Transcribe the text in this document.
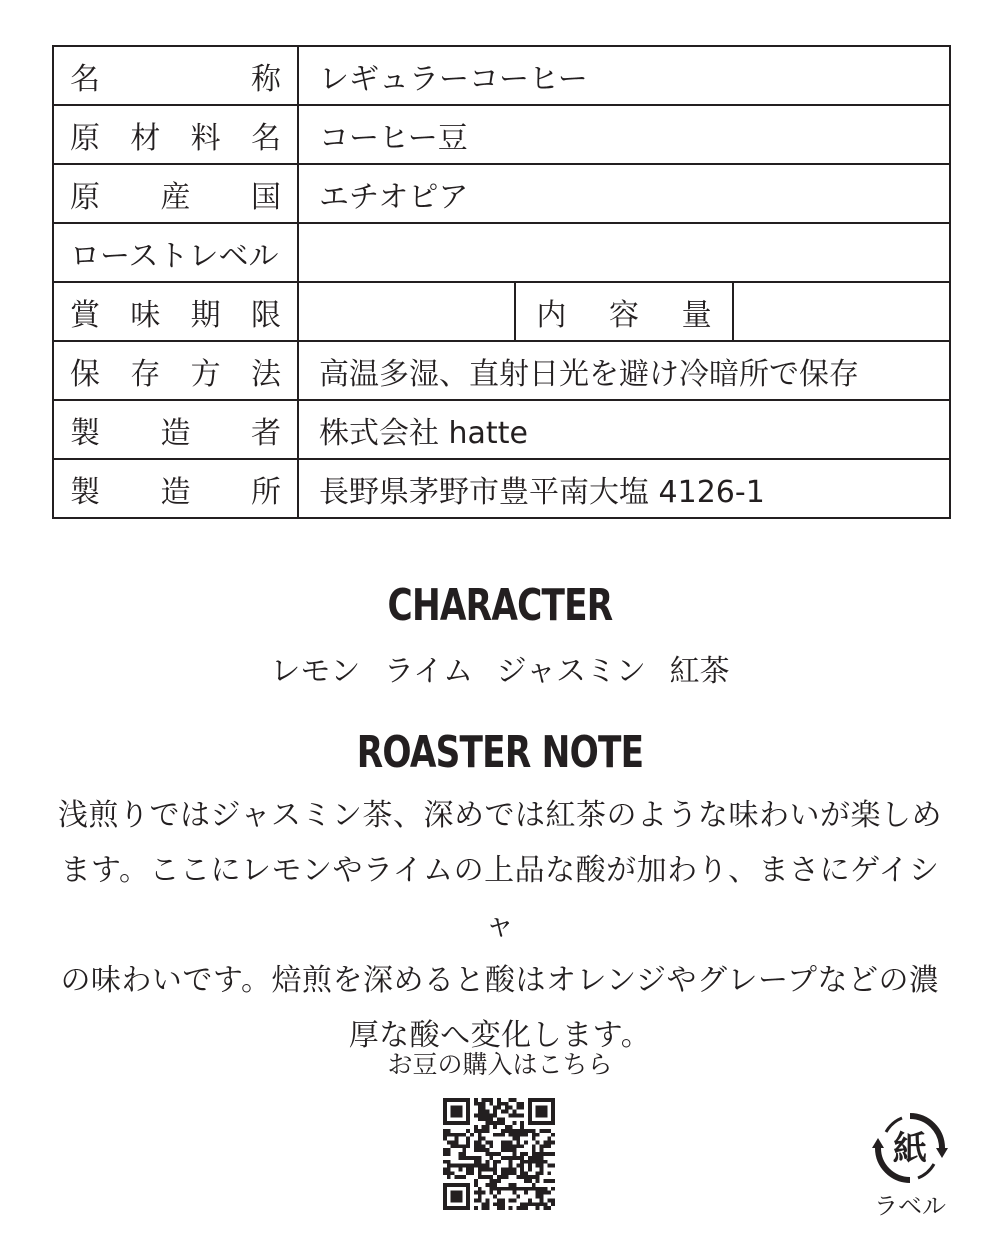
名 称	レギュラーコーヒー		

原 材 料 名	コーヒー豆		

原 産 国	エチオピア		

ローストレベル			

賞 味 期 限		内 容 量	

保 存 方 法	高温多湿、直射日光を避け冷暗所で保存		

製 造 者	株式会社 hatte		

製 造 所	長野県茅野市豊平南大塩 4126-1		
CHARACTER
レモン ライム ジャスミン 紅茶
ROASTER NOTE
浅煎りではジャスミン茶、深めでは紅茶のような味わいが楽しめ
ます。ここにレモンやライムの上品な酸が加わり、まさにゲイシャ
の味わいです。焙煎を深めると酸はオレンジやグレープなどの濃
厚な酸へ変化します。
お豆の購入はこちら
紙
ラベル
